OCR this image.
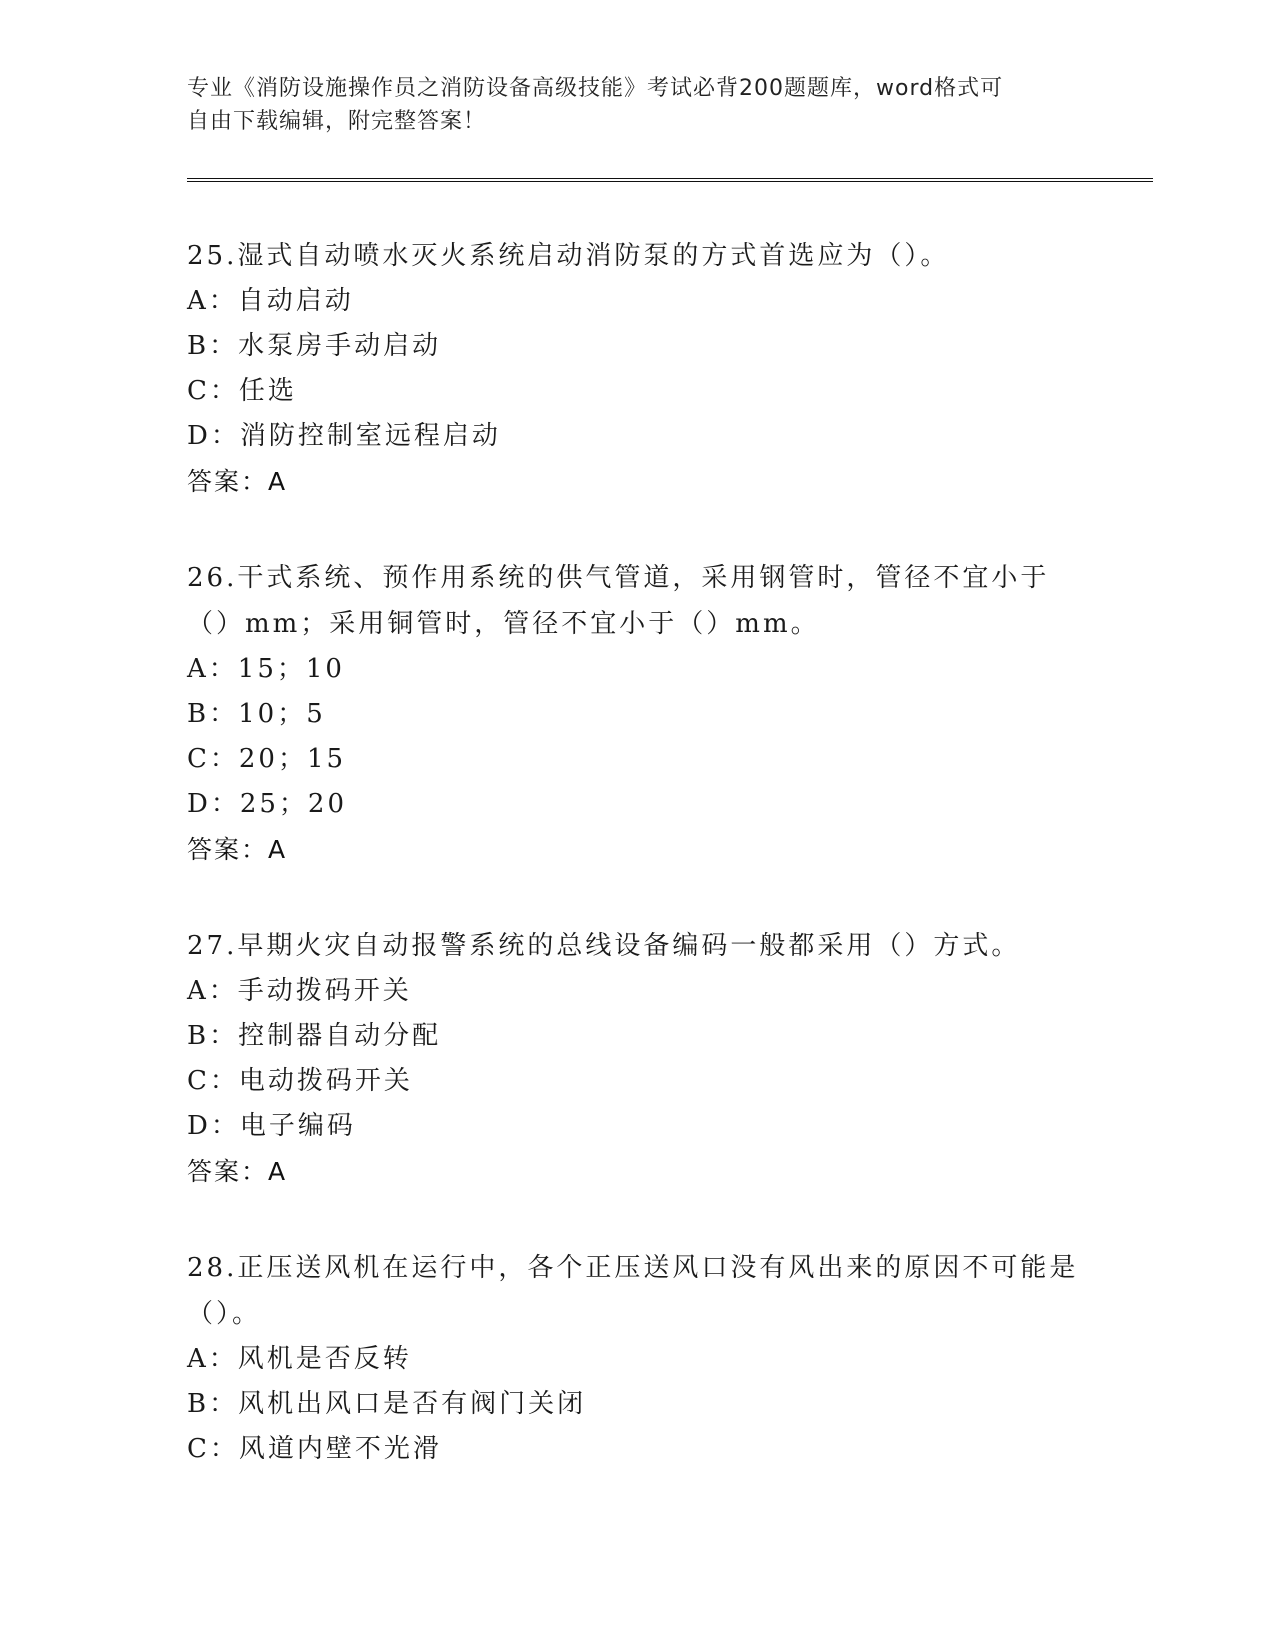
专业《消防设施操作员之消防设备高级技能》考试必背200题题库，word格式可
自由下载编辑，附完整答案！

25.湿式自动喷水灭火系统启动消防泵的方式首选应为（）。

A：自动启动

B：水泵房手动启动

C：任选

D：消防控制室远程启动

答案：A

26.干式系统、预作用系统的供气管道，采用钢管时，管径不宜小于（）mm；采用铜管时，管径不宜小于（）mm。

A：15；10

B：10；5

C：20；15

D：25；20

答案：A

27.早期火灾自动报警系统的总线设备编码一般都采用（）方式。

A：手动拨码开关

B：控制器自动分配

C：电动拨码开关

D：电子编码

答案：A

28.正压送风机在运行中，各个正压送风口没有风出来的原因不可能是（）。

A：风机是否反转

B：风机出风口是否有阀门关闭

C：风道内壁不光滑
